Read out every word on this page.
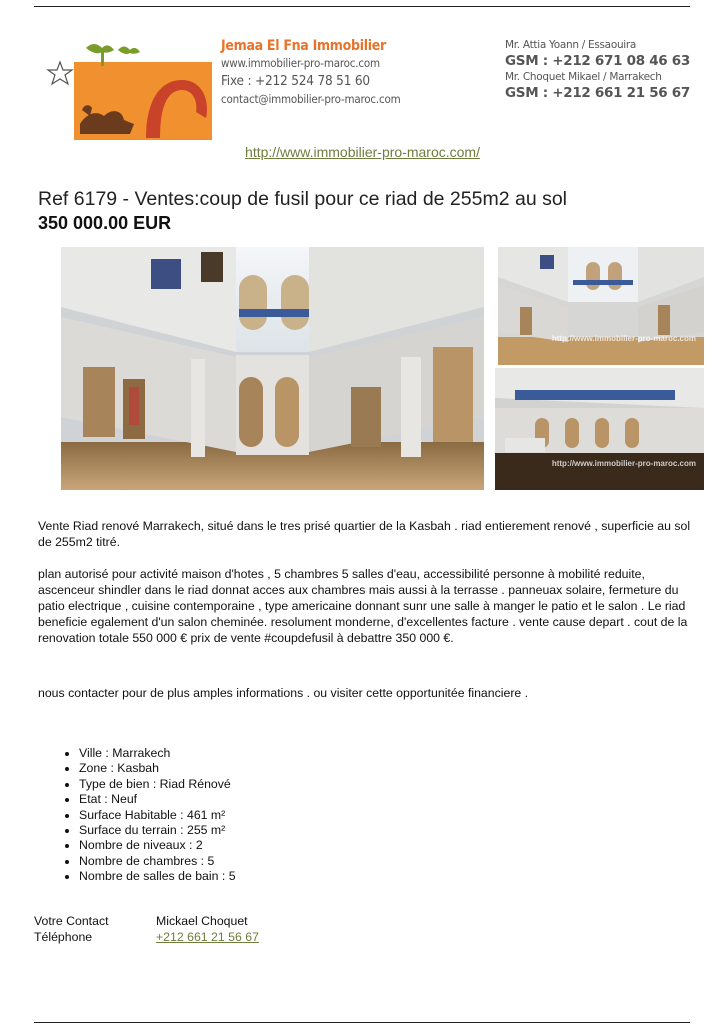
Jemaa El Fna Immobilier
www.immobilier-pro-maroc.com
Fixe : +212 524 78 51 60
contact@immobilier-pro-maroc.com
Mr. Attia Yoann / Essaouira
GSM : +212 671 08 46 63
Mr. Choquet Mikael / Marrakech
GSM : +212 661 21 56 67
http://www.immobilier-pro-maroc.com/
Ref 6179 - Ventes:coup de fusil pour ce riad de 255m2 au sol
350 000.00 EUR
http://www.immobilier-pro-maroc.com
http://www.immobilier-pro-maroc.com
Vente Riad renové Marrakech, situé dans le tres prisé quartier de la Kasbah . riad entierement renové , superficie au sol de 255m2 titré.
plan autorisé pour activité maison d'hotes , 5 chambres 5 salles d'eau, accessibilité personne à mobilité reduite, ascenceur shindler dans le riad donnat acces aux chambres mais aussi à la terrasse . panneuax solaire, fermeture du patio electrique , cuisine contemporaine , type americaine donnant sunr une salle à manger le patio et le salon . Le riad beneficie egalement d'un salon cheminée. resolument monderne, d'excellentes facture . vente cause depart . cout de la renovation totale 550 000 € prix de vente #coupdefusil à debattre 350 000 €.
nous contacter pour de plus amples informations . ou visiter cette opportunitée financiere .
• Ville : Marrakech
• Zone : Kasbah
• Type de bien : Riad Rénové
• Etat : Neuf
• Surface Habitable : 461 m²
• Surface du terrain : 255 m²
• Nombre de niveaux : 2
• Nombre de chambres : 5
• Nombre de salles de bain : 5
Votre Contact	Mickael Choquet
Téléphone	+212 661 21 56 67
